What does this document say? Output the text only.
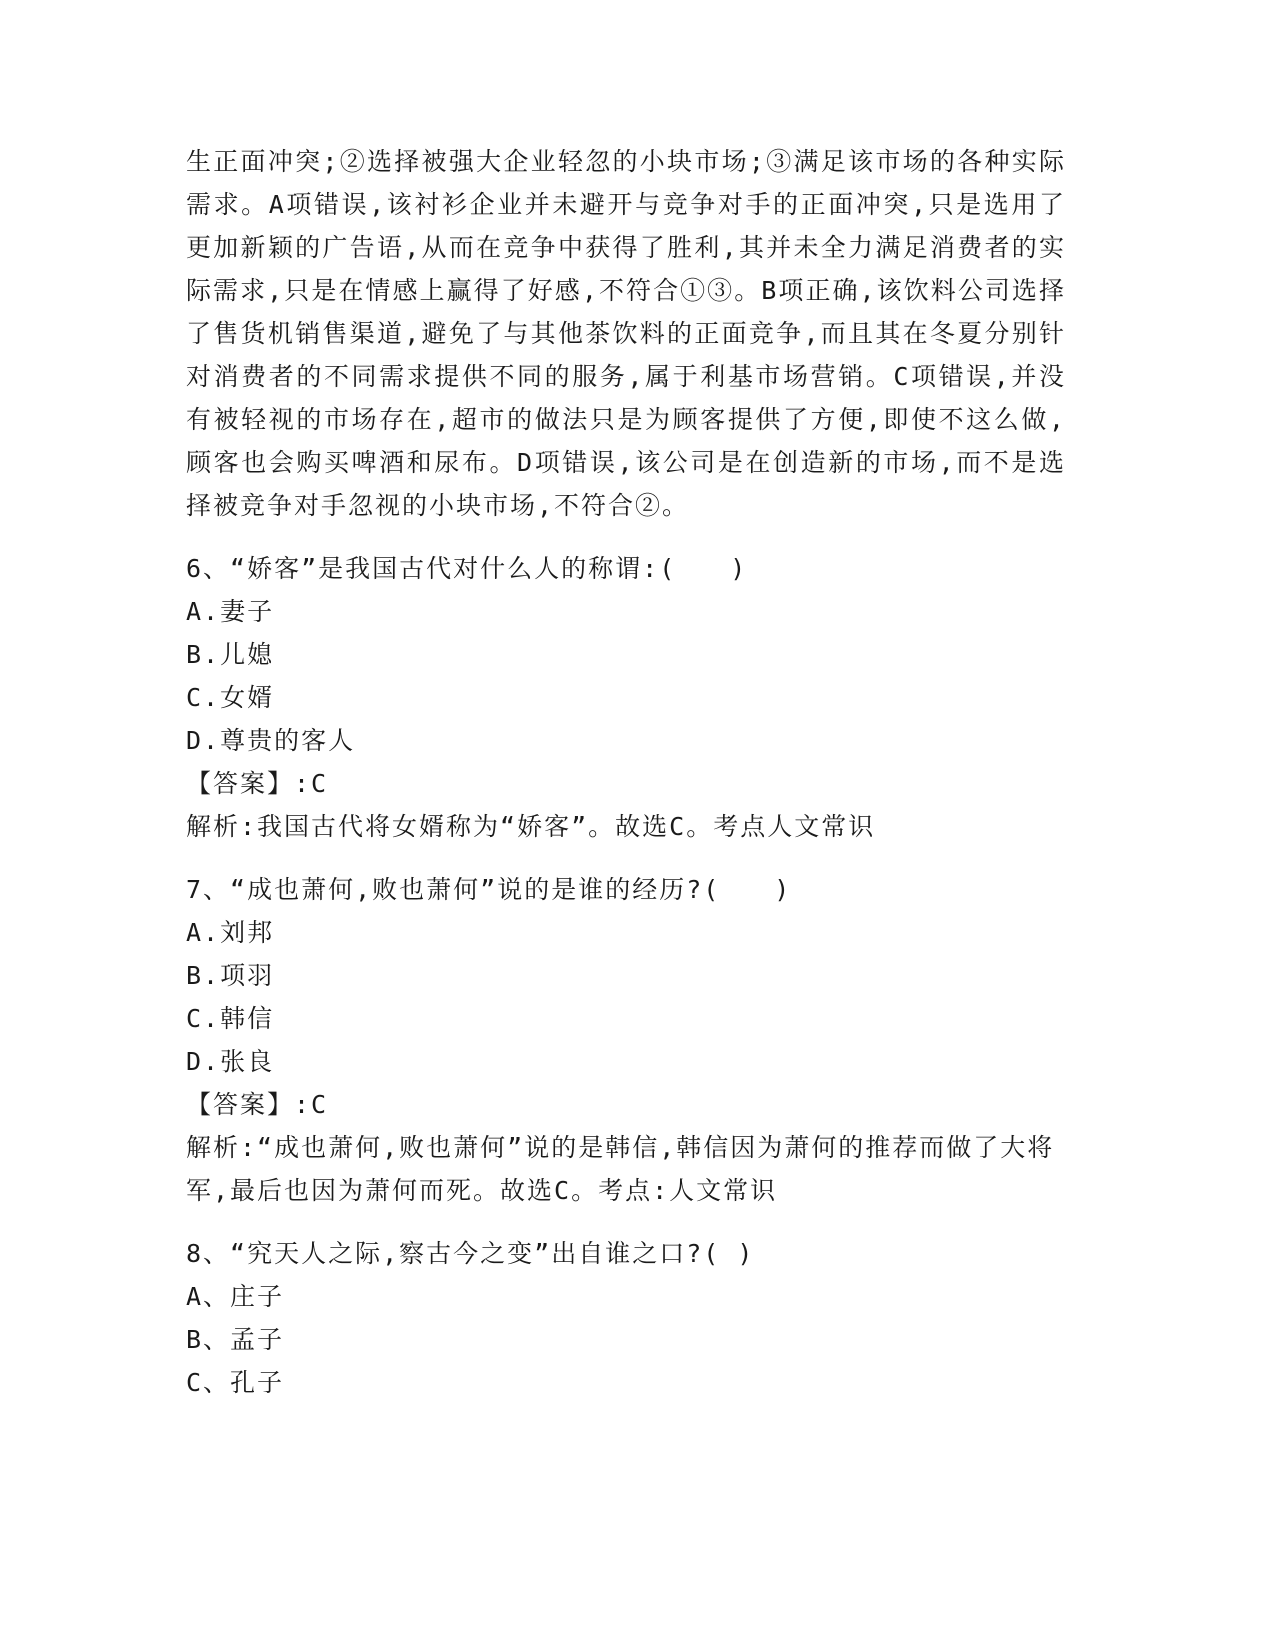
生正面冲突;②选择被强大企业轻忽的小块市场;③满足该市场的各种实际需求。A项错误,该衬衫企业并未避开与竞争对手的正面冲突,只是选用了更加新颖的广告语,从而在竞争中获得了胜利,其并未全力满足消费者的实际需求,只是在情感上赢得了好感,不符合①③。B项正确,该饮料公司选择了售货机销售渠道,避免了与其他茶饮料的正面竞争,而且其在冬夏分别针对消费者的不同需求提供不同的服务,属于利基市场营销。C项错误,并没有被轻视的市场存在,超市的做法只是为顾客提供了方便,即使不这么做,顾客也会购买啤酒和尿布。D项错误,该公司是在创造新的市场,而不是选择被竞争对手忽视的小块市场,不符合②。

6、“娇客”是我国古代对什么人的称谓:(　　)
A.妻子
B.儿媳
C.女婿
D.尊贵的客人
【答案】:C

解析:我国古代将女婿称为“娇客”。故选C。考点人文常识

7、“成也萧何,败也萧何”说的是谁的经历?(　　)
A.刘邦
B.项羽
C.韩信
D.张良
【答案】:C

解析:“成也萧何,败也萧何”说的是韩信,韩信因为萧何的推荐而做了大将军,最后也因为萧何而死。故选C。考点:人文常识

8、“究天人之际,察古今之变”出自谁之口?( )
A、庄子
B、孟子
C、孔子
